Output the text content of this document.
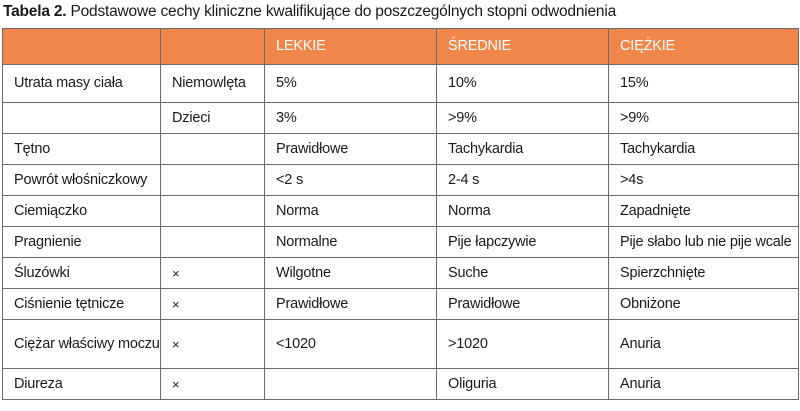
Tabela 2. Podstawowe cechy kliniczne kwalifikujące do poszczególnych stopni odwodnienia
		LEKKIE	ŚREDNIE	CIĘŻKIE
Utrata masy ciała	Niemowlęta	5%	10%	15%
	Dzieci	3%	>9%	>9%
Tętno		Prawidłowe	Tachykardia	Tachykardia
Powrót włośniczkowy		<2 s	2-4 s	>4s
Ciemiączko		Norma	Norma	Zapadnięte
Pragnienie		Normalne	Pije łapczywie	Pije słabo lub nie pije wcale
Śluzówki	×	Wilgotne	Suche	Spierzchnięte
Ciśnienie tętnicze	×	Prawidłowe	Prawidłowe	Obniżone
Ciężar właściwy moczu	×	<1020	>1020	Anuria
Diureza	×		Oliguria	Anuria
